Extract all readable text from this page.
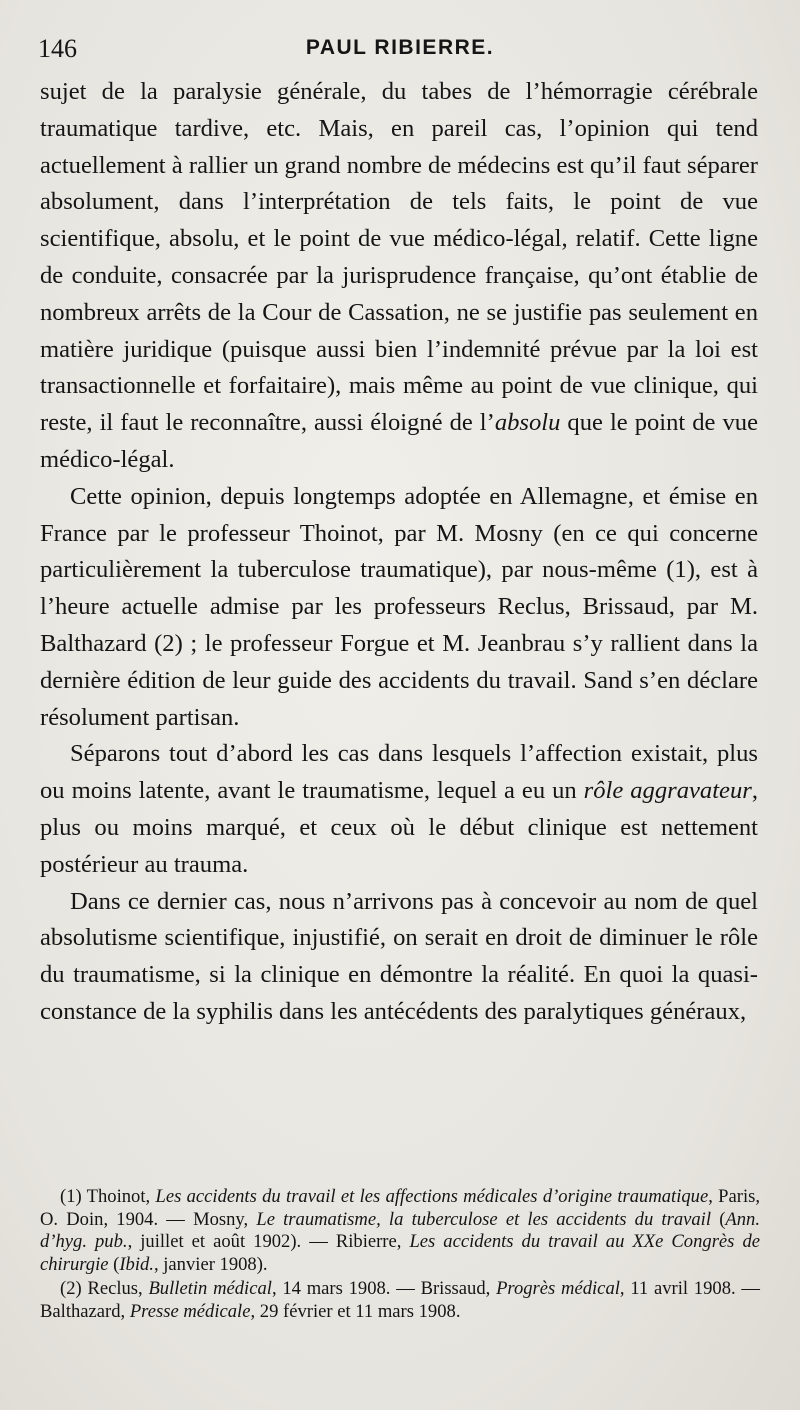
146	PAUL RIBIERRE.

sujet de la paralysie générale, du tabes de l’hémorragie cérébrale traumatique tardive, etc. Mais, en pareil cas, l’opinion qui tend actuellement à rallier un grand nombre de médecins est qu’il faut séparer absolument, dans l’interprétation de tels faits, le point de vue scientifique, absolu, et le point de vue médico-légal, relatif. Cette ligne de conduite, consacrée par la jurisprudence française, qu’ont établie de nombreux arrêts de la Cour de Cassation, ne se justifie pas seulement en matière juridique (puisque aussi bien l’indemnité prévue par la loi est transactionnelle et forfaitaire), mais même au point de vue clinique, qui reste, il faut le reconnaître, aussi éloigné de l’absolu que le point de vue médico-légal.

Cette opinion, depuis longtemps adoptée en Allemagne, et émise en France par le professeur Thoinot, par M. Mosny (en ce qui concerne particulièrement la tuberculose traumatique), par nous-même (1), est à l’heure actuelle admise par les professeurs Reclus, Brissaud, par M. Balthazard (2) ; le professeur Forgue et M. Jeanbrau s’y rallient dans la dernière édition de leur guide des accidents du travail. Sand s’en déclare résolument partisan.

Séparons tout d’abord les cas dans lesquels l’affection existait, plus ou moins latente, avant le traumatisme, lequel a eu un rôle aggravateur, plus ou moins marqué, et ceux où le début clinique est nettement postérieur au trauma.

Dans ce dernier cas, nous n’arrivons pas à concevoir au nom de quel absolutisme scientifique, injustifié, on serait en droit de diminuer le rôle du traumatisme, si la clinique en démontre la réalité. En quoi la quasi-constance de la syphilis dans les antécédents des paralytiques généraux,

(1) Thoinot, Les accidents du travail et les affections médicales d’origine traumatique, Paris, O. Doin, 1904. — Mosny, Le traumatisme, la tuberculose et les accidents du travail (Ann. d’hyg. pub., juillet et août 1902). — Ribierre, Les accidents du travail au XXe Congrès de chirurgie (Ibid., janvier 1908).

(2) Reclus, Bulletin médical, 14 mars 1908. — Brissaud, Progrès médical, 11 avril 1908. — Balthazard, Presse médicale, 29 février et 11 mars 1908.
